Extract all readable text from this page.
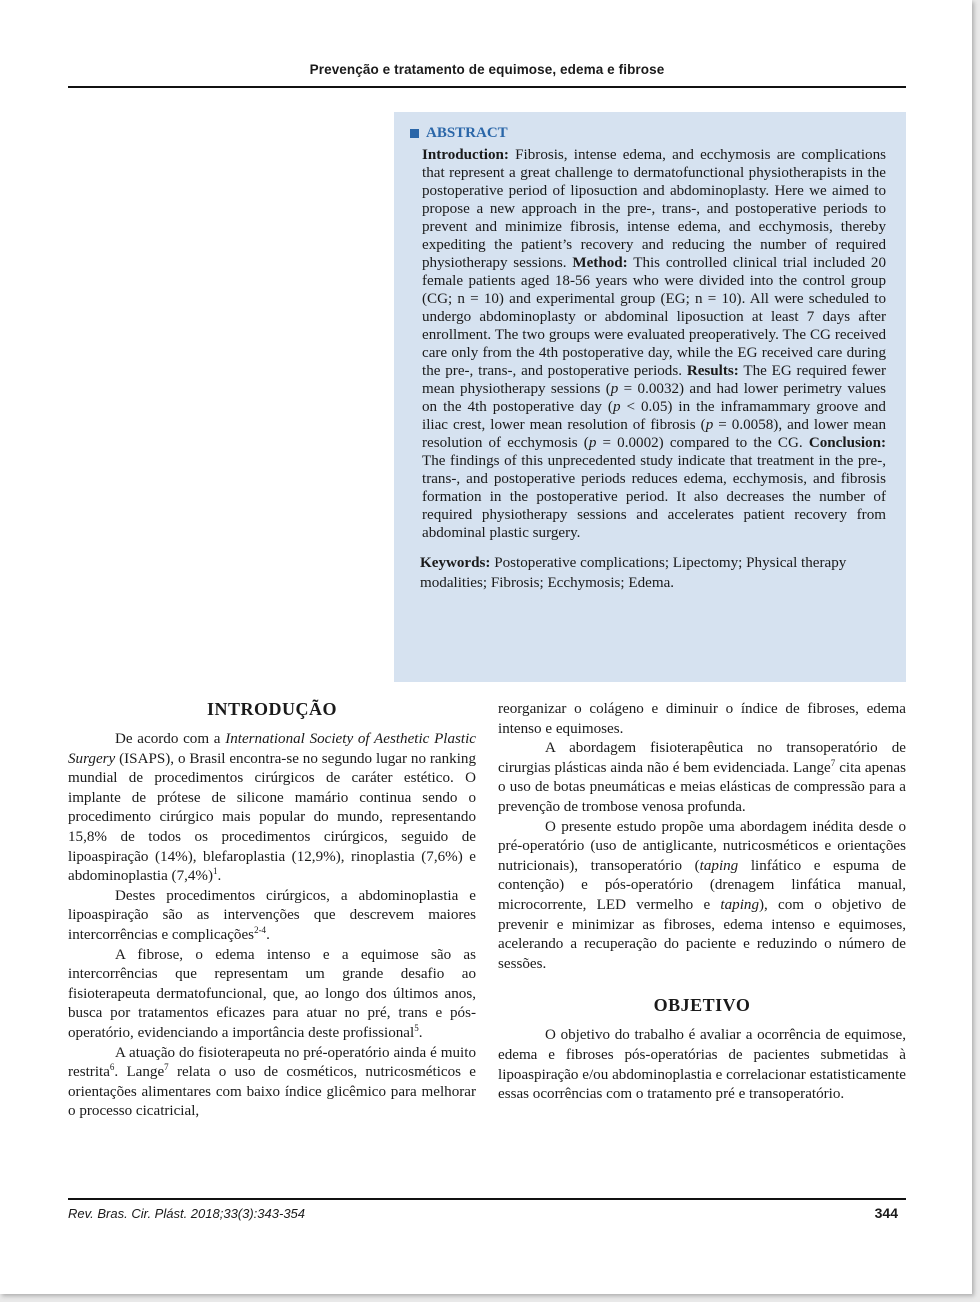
Prevenção e tratamento de equimose, edema e fibrose
ABSTRACT

Introduction: Fibrosis, intense edema, and ecchymosis are complications that represent a great challenge to dermatofunctional physiotherapists in the postoperative period of liposuction and abdominoplasty. Here we aimed to propose a new approach in the pre-, trans-, and postoperative periods to prevent and minimize fibrosis, intense edema, and ecchymosis, thereby expediting the patient’s recovery and reducing the number of required physiotherapy sessions. Method: This controlled clinical trial included 20 female patients aged 18-56 years who were divided into the control group (CG; n = 10) and experimental group (EG; n = 10). All were scheduled to undergo abdominoplasty or abdominal liposuction at least 7 days after enrollment. The two groups were evaluated preoperatively. The CG received care only from the 4th postoperative day, while the EG received care during the pre-, trans-, and postoperative periods. Results: The EG required fewer mean physiotherapy sessions (p = 0.0032) and had lower perimetry values on the 4th postoperative day (p < 0.05) in the inframammary groove and iliac crest, lower mean resolution of fibrosis (p = 0.0058), and lower mean resolution of ecchymosis (p = 0.0002) compared to the CG. Conclusion: The findings of this unprecedented study indicate that treatment in the pre-, trans-, and postoperative periods reduces edema, ecchymosis, and fibrosis formation in the postoperative period. It also decreases the number of required physiotherapy sessions and accelerates patient recovery from abdominal plastic surgery.

Keywords: Postoperative complications; Lipectomy; Physical therapy modalities; Fibrosis; Ecchymosis; Edema.

INTRODUÇÃO

De acordo com a International Society of Aesthetic Plastic Surgery (ISAPS), o Brasil encontra-se no segundo lugar no ranking mundial de procedimentos cirúrgicos de caráter estético. O implante de prótese de silicone mamário continua sendo o procedimento cirúrgico mais popular do mundo, representando 15,8% de todos os procedimentos cirúrgicos, seguido de lipoaspiração (14%), blefaroplastia (12,9%), rinoplastia (7,6%) e abdominoplastia $(7,4\%)^1$.

Destes procedimentos cirúrgicos, a abdominoplastia e lipoaspiração são as intervenções que descrevem maiores intercorrências e complicações$^{2-4}$.

A fibrose, o edema intenso e a equimose são as intercorrências que representam um grande desafio ao fisioterapeuta dermatofuncional, que, ao longo dos últimos anos, busca por tratamentos eficazes para atuar no pré, trans e pós-operatório, evidenciando a importância deste profissional$^5$.

A atuação do fisioterapeuta no pré-operatório ainda é muito restrita$^6$. Lange$^7$ relata o uso de cosméticos, nutricosméticos e orientações alimentares com baixo índice glicêmico para melhorar o processo cicatricial,

reorganizar o colágeno e diminuir o índice de fibroses, edema intenso e equimoses.

A abordagem fisioterapêutica no transoperatório de cirurgias plásticas ainda não é bem evidenciada. Lange$^7$ cita apenas o uso de botas pneumáticas e meias elásticas de compressão para a prevenção de trombose venosa profunda.

O presente estudo propõe uma abordagem inédita desde o pré-operatório (uso de antiglicante, nutricosméticos e orientações nutricionais), transoperatório (taping linfático e espuma de contenção) e pós-operatório (drenagem linfática manual, microcorrente, LED vermelho e taping), com o objetivo de prevenir e minimizar as fibroses, edema intenso e equimoses, acelerando a recuperação do paciente e reduzindo o número de sessões.

OBJETIVO

O objetivo do trabalho é avaliar a ocorrência de equimose, edema e fibroses pós-operatórias de pacientes submetidas à lipoaspiração e/ou abdominoplastia e correlacionar estatisticamente essas ocorrências com o tratamento pré e transoperatório.

Rev. Bras. Cir. Plást. 2018;33(3):343-354	344
